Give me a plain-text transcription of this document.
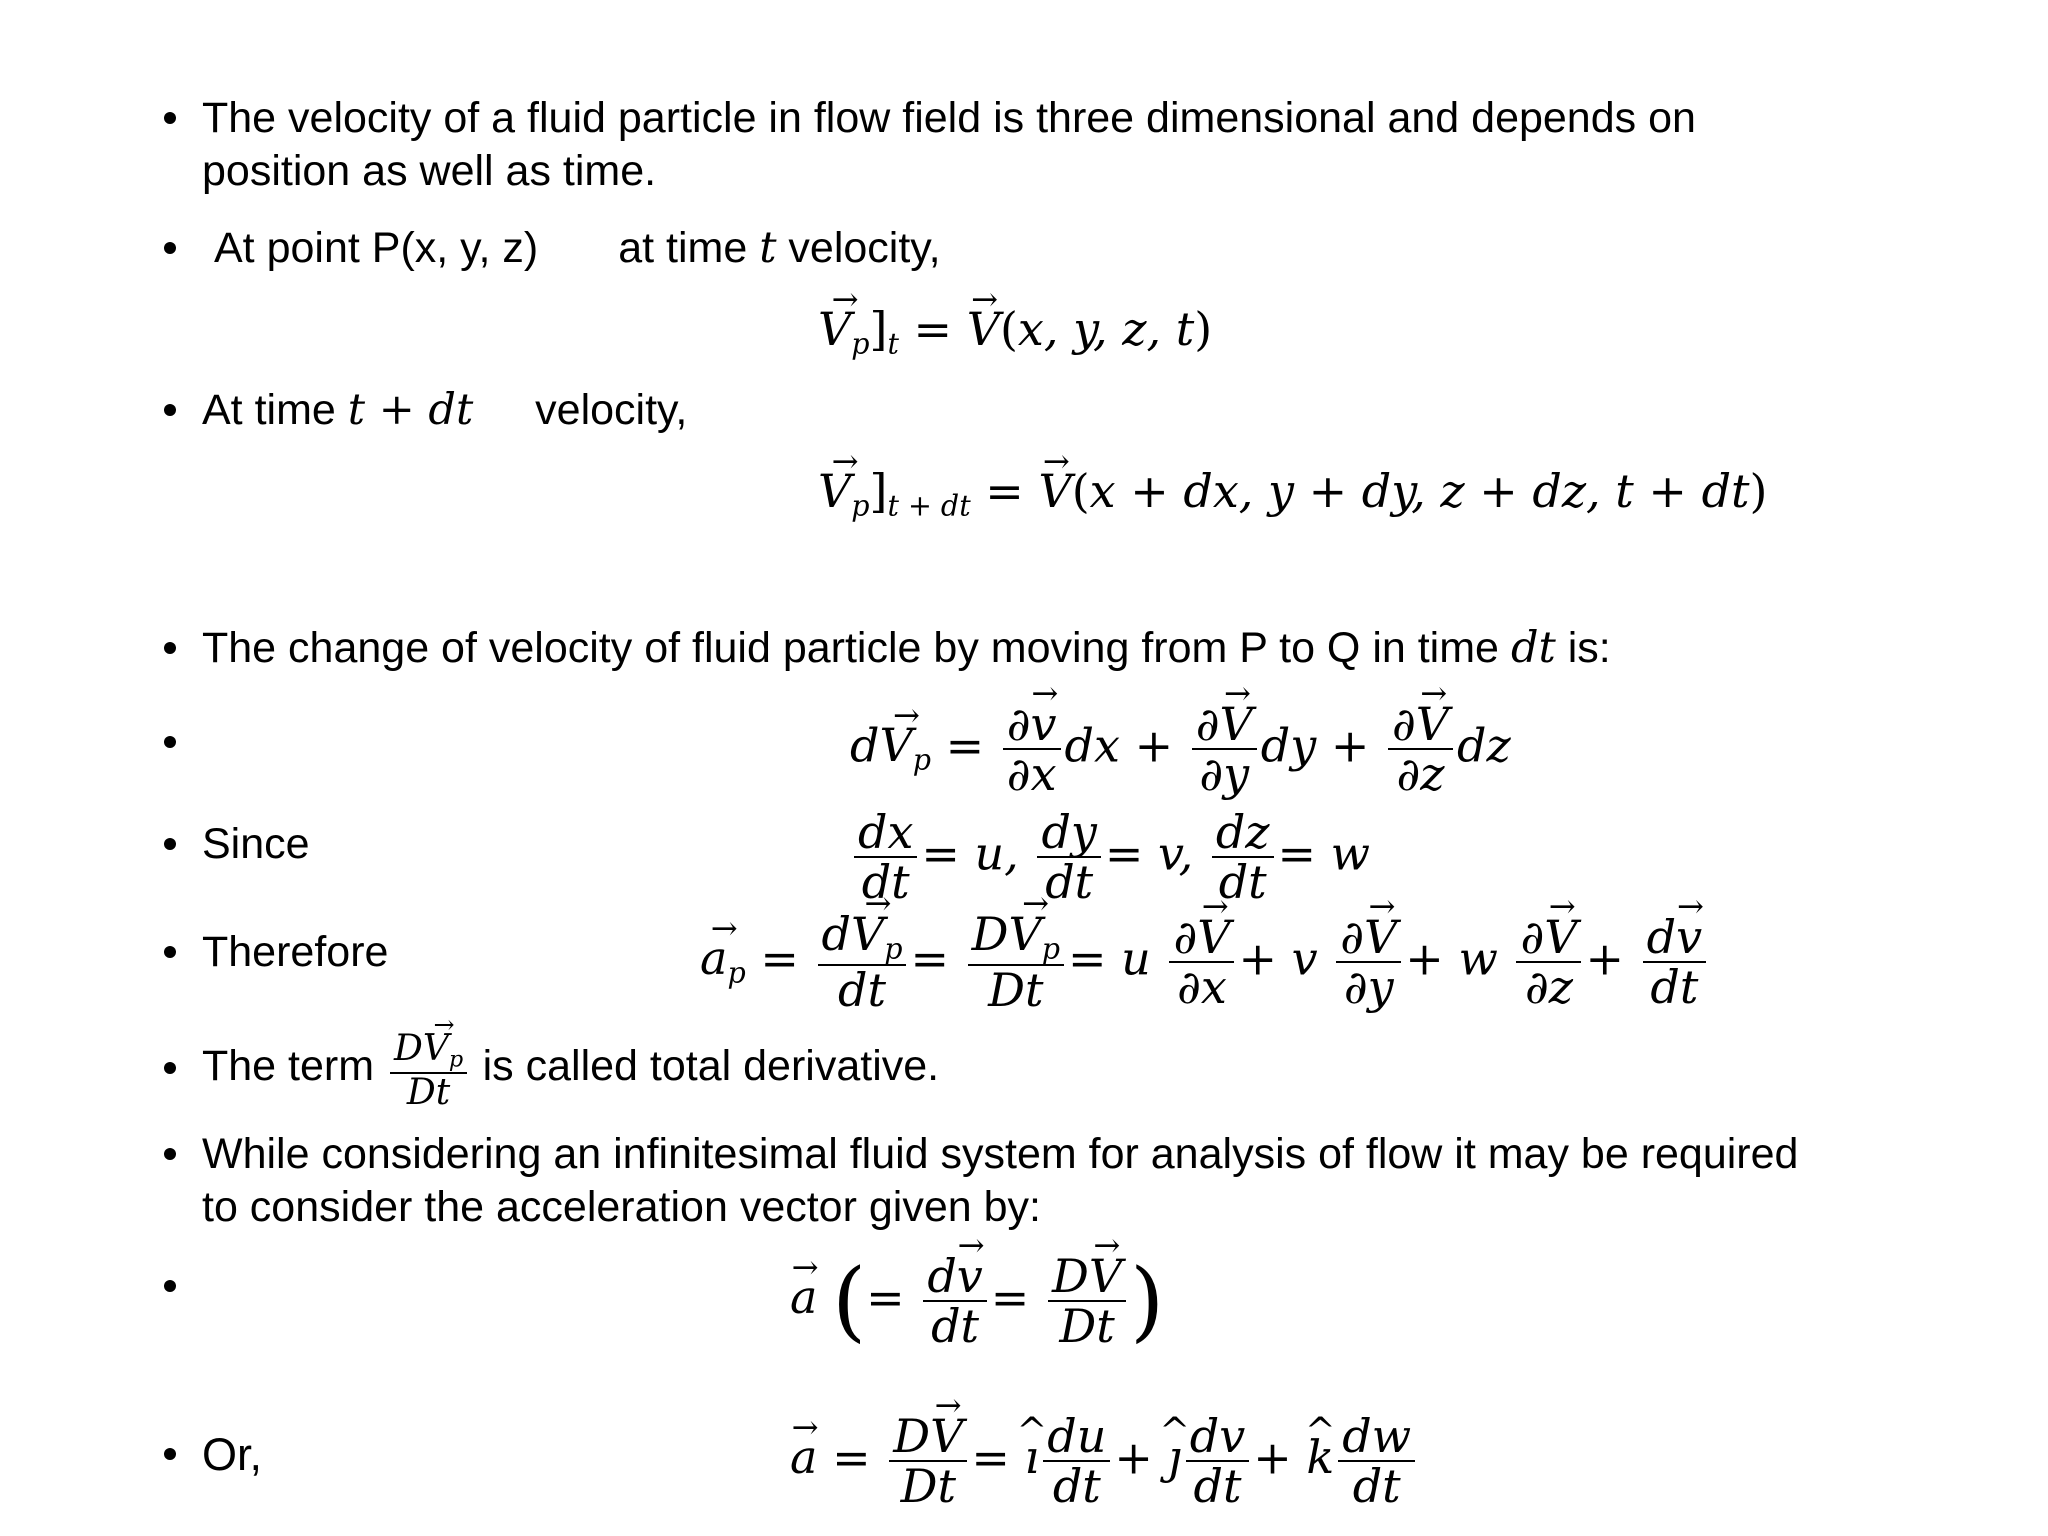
The velocity of a fluid particle in flow field is three dimensional and depends on
position as well as time.
At point P(x, y, z) at time t velocity,
$V_p \to]_t = V \to(x$, y, z, t)
At time t + dt velocity,
$V_p \to]_{t + dt} = V \to(x$ + dx, y + dy, z + dz, t + dt)
The change of velocity of fluid particle by moving from P to Q in time dt is:
$dV_p$ → = $\frac{\partial v \to}{\partial x}$ dx + $\frac{\partial V \to}{\partial y}$ dy + $\frac{\partial V \to}{\partial z}$ dz
Since	$\frac{dx}{dt} = u$, $\frac{dy}{dt} = v$, $\frac{dz}{dt} = w$
Therefore	$a_p$ → = $\frac{dV_p \to}{dt} = \frac{DV_p \to}{Dt} = u \frac{\partial V \to}{\partial x} + v \frac{\partial V \to}{\partial y} + w \frac{\partial V \to}{\partial z} + \frac{dv \to}{dt}$
The term $\frac{DV_p \to}{Dt}$ is called total derivative.
While considering an infinitesimal fluid system for analysis of flow it may be required
to consider the acceleration vector given by:
a → (= $\frac{dv \to}{dt} = \frac{DV \to}{Dt}$ )
Or,	a → = $\frac{DV \to}{Dt}$ = ı ^ $\frac{du}{dt}$ + ȷ ^ $\frac{dv}{dt} + k$ ^ $\frac{dw}{dt}$
